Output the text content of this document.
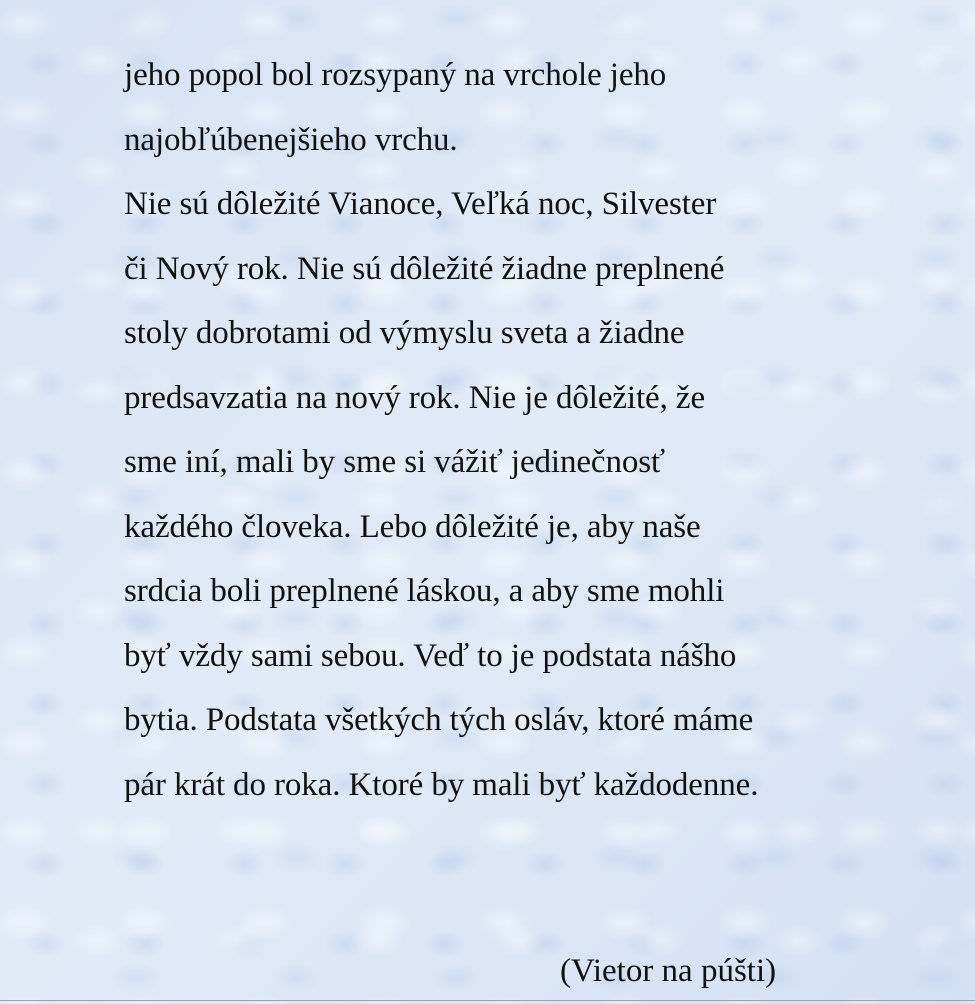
jeho popol bol rozsypaný na vrchole jeho
najobľúbenejšieho vrchu.
Nie sú dôležité Vianoce, Veľká noc, Silvester
či Nový rok. Nie sú dôležité žiadne preplnené
stoly dobrotami od výmyslu sveta a žiadne
predsavzatia na nový rok. Nie je dôležité, že
sme iní, mali by sme si vážiť jedinečnosť
každého človeka. Lebo dôležité je, aby naše
srdcia boli preplnené láskou, a aby sme mohli
byť vždy sami sebou. Veď to je podstata nášho
bytia. Podstata všetkých tých osláv, ktoré máme
pár krát do roka. Ktoré by mali byť každodenne.
(Vietor na púšti)
